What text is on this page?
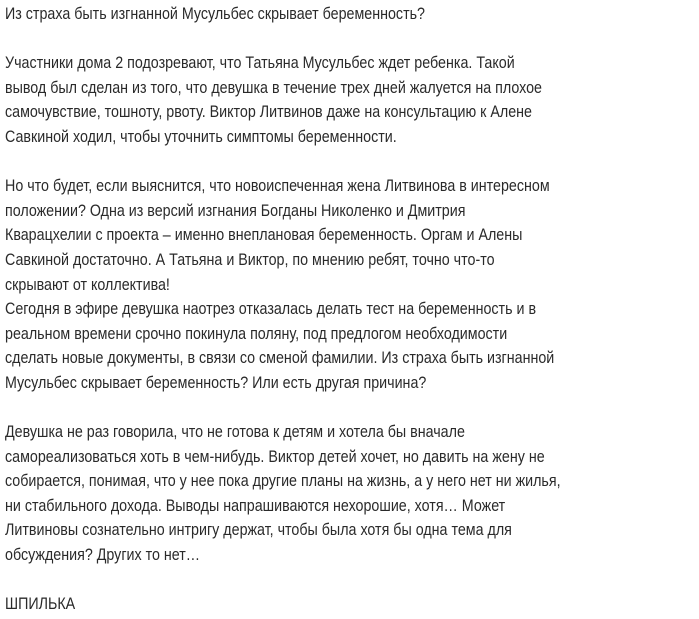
Из страха быть изгнанной Мусульбес скрывает беременность?
Участники дома 2 подозревают, что Татьяна Мусульбес ждет ребенка. Такой
вывод был сделан из того, что девушка в течение трех дней жалуется на плохое
самочувствие, тошноту, рвоту. Виктор Литвинов даже на консультацию к Алене
Савкиной ходил, чтобы уточнить симптомы беременности.
Но что будет, если выяснится, что новоиспеченная жена Литвинова в интересном
положении? Одна из версий изгнания Богданы Николенко и Дмитрия
Кварацхелии с проекта – именно внеплановая беременность. Оргам и Алены
Савкиной достаточно. А Татьяна и Виктор, по мнению ребят, точно что-то
скрывают от коллектива!
Сегодня в эфире девушка наотрез отказалась делать тест на беременность и в
реальном времени срочно покинула поляну, под предлогом необходимости
сделать новые документы, в связи со сменой фамилии. Из страха быть изгнанной
Мусульбес скрывает беременность? Или есть другая причина?
Девушка не раз говорила, что не готова к детям и хотела бы вначале
самореализоваться хоть в чем-нибудь. Виктор детей хочет, но давить на жену не
собирается, понимая, что у нее пока другие планы на жизнь, а у него нет ни жилья,
ни стабильного дохода. Выводы напрашиваются нехорошие, хотя… Может
Литвиновы сознательно интригу держат, чтобы была хотя бы одна тема для
обсуждения? Других то нет…
ШПИЛЬКА
